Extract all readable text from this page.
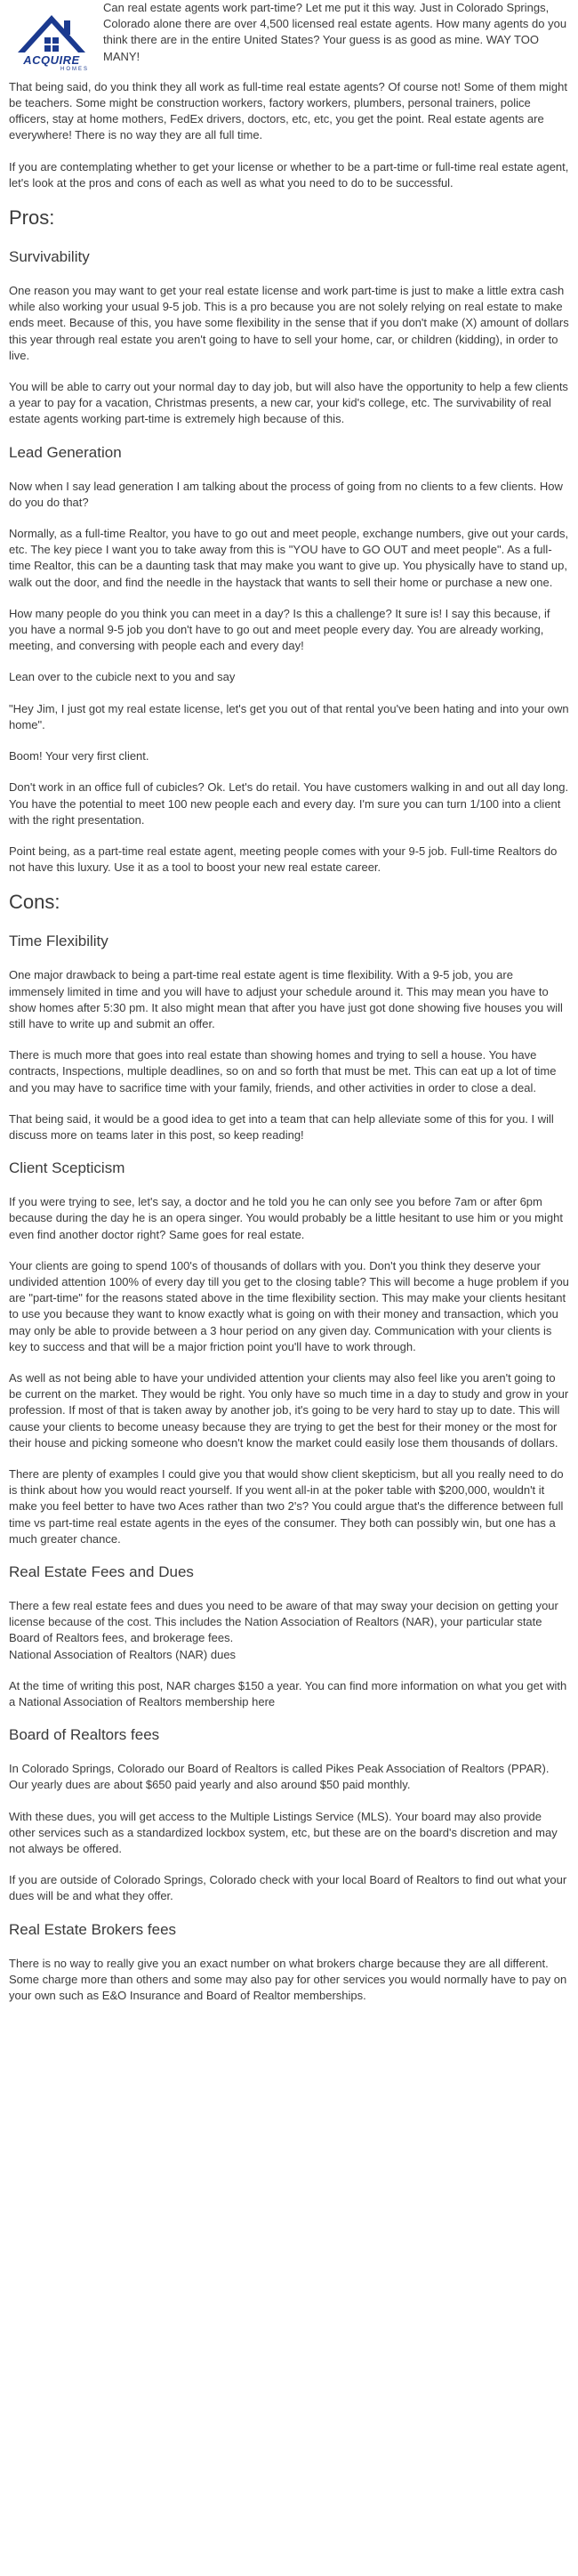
ACQUIRE
HOMES

Can real estate agents work part-time? Let me put it this way. Just in Colorado Springs, Colorado alone there are over 4,500 licensed real estate agents. How many agents do you think there are in the entire United States? Your guess is as good as mine. WAY TOO MANY!

That being said, do you think they all work as full-time real estate agents? Of course not! Some of them might be teachers. Some might be construction workers, factory workers, plumbers, personal trainers, police officers, stay at home mothers, FedEx drivers, doctors, etc, etc, you get the point. Real estate agents are everywhere! There is no way they are all full time.

If you are contemplating whether to get your license or whether to be a part-time or full-time real estate agent, let's look at the pros and cons of each as well as what you need to do to be successful.

Pros:
Survivability

One reason you may want to get your real estate license and work part-time is just to make a little extra cash while also working your usual 9-5 job. This is a pro because you are not solely relying on real estate to make ends meet. Because of this, you have some flexibility in the sense that if you don't make (X) amount of dollars this year through real estate you aren't going to have to sell your home, car, or children (kidding), in order to live.

You will be able to carry out your normal day to day job, but will also have the opportunity to help a few clients a year to pay for a vacation, Christmas presents, a new car, your kid's college, etc. The survivability of real estate agents working part-time is extremely high because of this.

Lead Generation

Now when I say lead generation I am talking about the process of going from no clients to a few clients. How do you do that?

Normally, as a full-time Realtor, you have to go out and meet people, exchange numbers, give out your cards, etc. The key piece I want you to take away from this is "YOU have to GO OUT and meet people". As a full-time Realtor, this can be a daunting task that may make you want to give up. You physically have to stand up, walk out the door, and find the needle in the haystack that wants to sell their home or purchase a new one.

How many people do you think you can meet in a day? Is this a challenge? It sure is! I say this because, if you have a normal 9-5 job you don't have to go out and meet people every day. You are already working, meeting, and conversing with people each and every day!

Lean over to the cubicle next to you and say

"Hey Jim, I just got my real estate license, let's get you out of that rental you've been hating and into your own home".

Boom! Your very first client.

Don't work in an office full of cubicles? Ok. Let's do retail. You have customers walking in and out all day long. You have the potential to meet 100 new people each and every day. I'm sure you can turn 1/100 into a client with the right presentation.

Point being, as a part-time real estate agent, meeting people comes with your 9-5 job. Full-time Realtors do not have this luxury. Use it as a tool to boost your new real estate career.

Cons:
Time Flexibility

One major drawback to being a part-time real estate agent is time flexibility. With a 9-5 job, you are immensely limited in time and you will have to adjust your schedule around it. This may mean you have to show homes after 5:30 pm. It also might mean that after you have just got done showing five houses you will still have to write up and submit an offer.

There is much more that goes into real estate than showing homes and trying to sell a house. You have contracts, Inspections, multiple deadlines, so on and so forth that must be met. This can eat up a lot of time and you may have to sacrifice time with your family, friends, and other activities in order to close a deal.

That being said, it would be a good idea to get into a team that can help alleviate some of this for you. I will discuss more on teams later in this post, so keep reading!

Client Scepticism

If you were trying to see, let's say, a doctor and he told you he can only see you before 7am or after 6pm because during the day he is an opera singer. You would probably be a little hesitant to use him or you might even find another doctor right? Same goes for real estate.

Your clients are going to spend 100's of thousands of dollars with you. Don't you think they deserve your undivided attention 100% of every day till you get to the closing table? This will become a huge problem if you are "part-time" for the reasons stated above in the time flexibility section. This may make your clients hesitant to use you because they want to know exactly what is going on with their money and transaction, which you may only be able to provide between a 3 hour period on any given day. Communication with your clients is key to success and that will be a major friction point you'll have to work through.

As well as not being able to have your undivided attention your clients may also feel like you aren't going to be current on the market. They would be right. You only have so much time in a day to study and grow in your profession. If most of that is taken away by another job, it's going to be very hard to stay up to date. This will cause your clients to become uneasy because they are trying to get the best for their money or the most for their house and picking someone who doesn't know the market could easily lose them thousands of dollars.

There are plenty of examples I could give you that would show client skepticism, but all you really need to do is think about how you would react yourself. If you went all-in at the poker table with $200,000, wouldn't it make you feel better to have two Aces rather than two 2's? You could argue that's the difference between full time vs part-time real estate agents in the eyes of the consumer. They both can possibly win, but one has a much greater chance.

Real Estate Fees and Dues

There a few real estate fees and dues you need to be aware of that may sway your decision on getting your license because of the cost. This includes the Nation Association of Realtors (NAR), your particular state Board of Realtors fees, and brokerage fees.

National Association of Realtors (NAR) dues

At the time of writing this post, NAR charges $150 a year. You can find more information on what you get with a National Association of Realtors membership here

Board of Realtors fees

In Colorado Springs, Colorado our Board of Realtors is called Pikes Peak Association of Realtors (PPAR). Our yearly dues are about $650 paid yearly and also around $50 paid monthly.

With these dues, you will get access to the Multiple Listings Service (MLS). Your board may also provide other services such as a standardized lockbox system, etc, but these are on the board's discretion and may not always be offered.

If you are outside of Colorado Springs, Colorado check with your local Board of Realtors to find out what your dues will be and what they offer.

Real Estate Brokers fees

There is no way to really give you an exact number on what brokers charge because they are all different. Some charge more than others and some may also pay for other services you would normally have to pay on your own such as E&O Insurance and Board of Realtor memberships.
